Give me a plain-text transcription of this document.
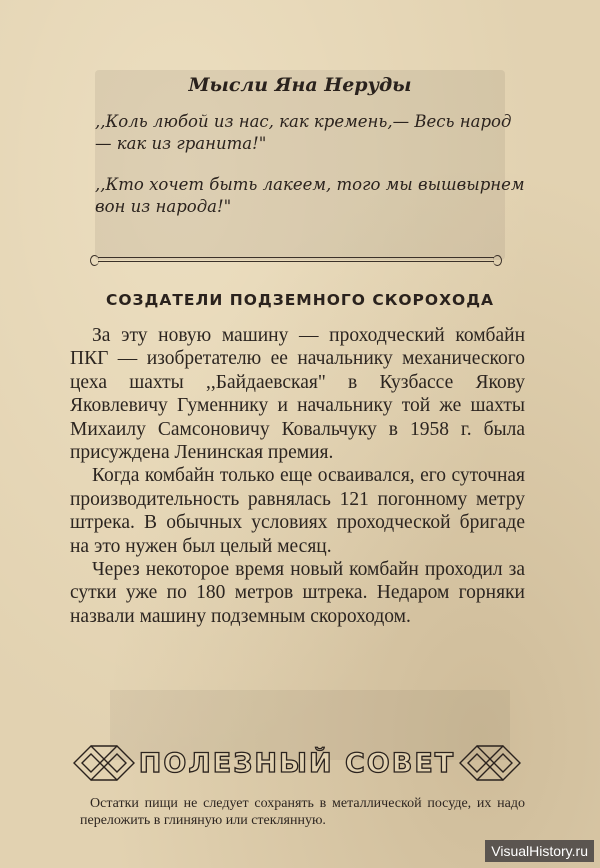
Мысли Яна Неруды
,,Коль любой из нас, как кремень,— Весь народ — как из гранита!"
,,Кто хочет быть лакеем, того мы вышвырнем вон из народа!"
СОЗДАТЕЛИ ПОДЗЕМНОГО СКОРОХОДА

За эту новую машину — проходческий комбайн ПКГ — изобретателю ее начальнику механического цеха шахты ,,Байдаевская" в Кузбассе Якову Яковлевичу Гуменнику и начальнику той же шахты Михаилу Самсоновичу Ковальчуку в 1958 г. была присуждена Ленинская премия.

Когда комбайн только еще осваивался, его суточная производительность равнялась 121 погонному метру штрека. В обычных условиях проходческой бригаде на это нужен был целый месяц.

Через некоторое время новый комбайн проходил за сутки уже по 180 метров штрека. Недаром горняки назвали машину подземным скороходом.

ПОЛЕЗНЫЙ СОВЕТ
Остатки пищи не следует сохранять в металлической посуде, их надо переложить в глиняную или стеклянную.
VisualHistory.ru
